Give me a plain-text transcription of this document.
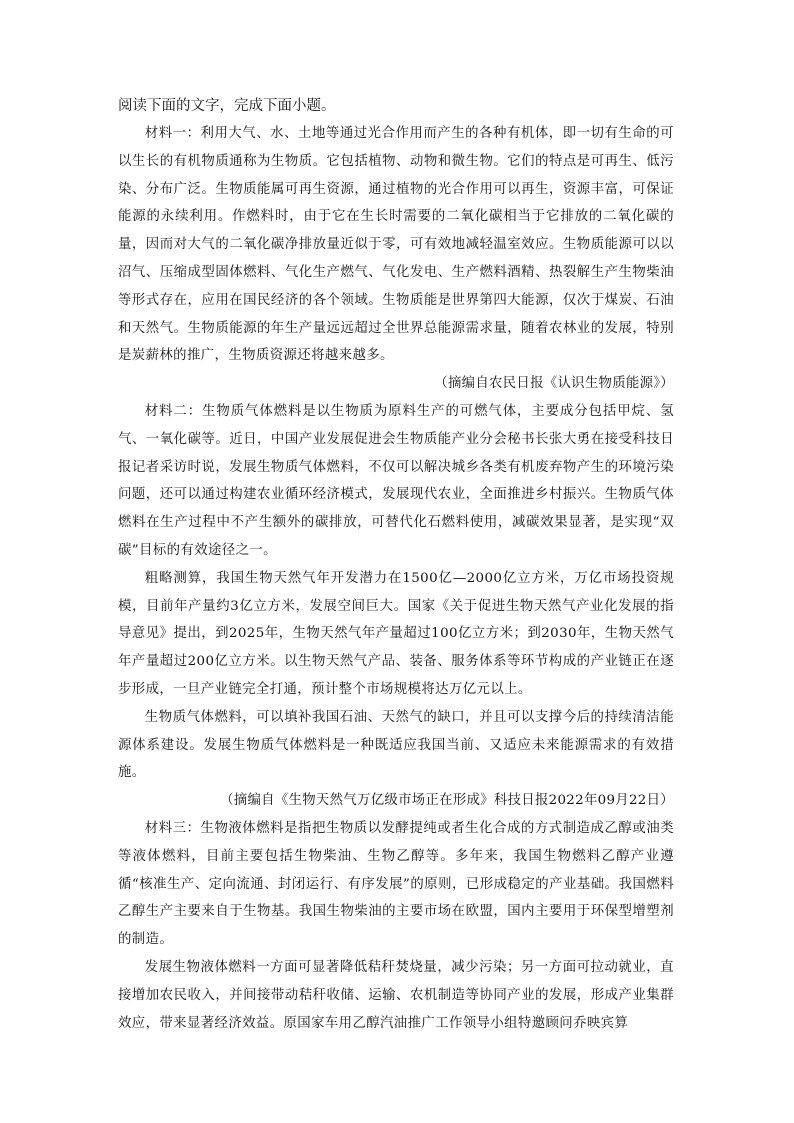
阅读下面的文字，完成下面小题。

材料一：利用大气、水、土地等通过光合作用而产生的各种有机体，即一切有生命的可以生长的有机物质通称为生物质。它包括植物、动物和微生物。它们的特点是可再生、低污染、分布广泛。生物质能属可再生资源，通过植物的光合作用可以再生，资源丰富，可保证能源的永续利用。作燃料时，由于它在生长时需要的二氧化碳相当于它排放的二氧化碳的量，因而对大气的二氧化碳净排放量近似于零，可有效地减轻温室效应。生物质能源可以以沼气、压缩成型固体燃料、气化生产燃气、气化发电、生产燃料酒精、热裂解生产生物柴油等形式存在，应用在国民经济的各个领域。生物质能是世界第四大能源，仅次于煤炭、石油和天然气。生物质能源的年生产量远远超过全世界总能源需求量，随着农林业的发展，特别是炭薪林的推广，生物质资源还将越来越多。

（摘编自农民日报《认识生物质能源》）

材料二：生物质气体燃料是以生物质为原料生产的可燃气体，主要成分包括甲烷、氢气、一氧化碳等。近日，中国产业发展促进会生物质能产业分会秘书长张大勇在接受科技日报记者采访时说，发展生物质气体燃料，不仅可以解决城乡各类有机废弃物产生的环境污染问题，还可以通过构建农业循环经济模式，发展现代农业，全面推进乡村振兴。生物质气体燃料在生产过程中不产生额外的碳排放，可替代化石燃料使用，减碳效果显著，是实现“双碳”目标的有效途径之一。

粗略测算，我国生物天然气年开发潜力在1500亿—2000亿立方米，万亿市场投资规模，目前年产量约3亿立方米，发展空间巨大。国家《关于促进生物天然气产业化发展的指导意见》提出，到2025年，生物天然气年产量超过100亿立方米；到2030年，生物天然气年产量超过200亿立方米。以生物天然气产品、装备、服务体系等环节构成的产业链正在逐步形成，一旦产业链完全打通，预计整个市场规模将达万亿元以上。

生物质气体燃料，可以填补我国石油、天然气的缺口，并且可以支撑今后的持续清洁能源体系建设。发展生物质气体燃料是一种既适应我国当前、又适应未来能源需求的有效措施。

（摘编自《生物天然气万亿级市场正在形成》科技日报2022年09月22日）

材料三：生物液体燃料是指把生物质以发酵提纯或者生化合成的方式制造成乙醇或油类等液体燃料，目前主要包括生物柴油、生物乙醇等。多年来，我国生物燃料乙醇产业遵循“核准生产、定向流通、封闭运行、有序发展”的原则，已形成稳定的产业基础。我国燃料乙醇生产主要来自于生物基。我国生物柴油的主要市场在欧盟，国内主要用于环保型增塑剂的制造。

发展生物液体燃料一方面可显著降低秸秆焚烧量，减少污染；另一方面可拉动就业，直接增加农民收入，并间接带动秸秆收储、运输、农机制造等协同产业的发展，形成产业集群效应，带来显著经济效益。原国家车用乙醇汽油推广工作领导小组特邀顾问乔映宾算
